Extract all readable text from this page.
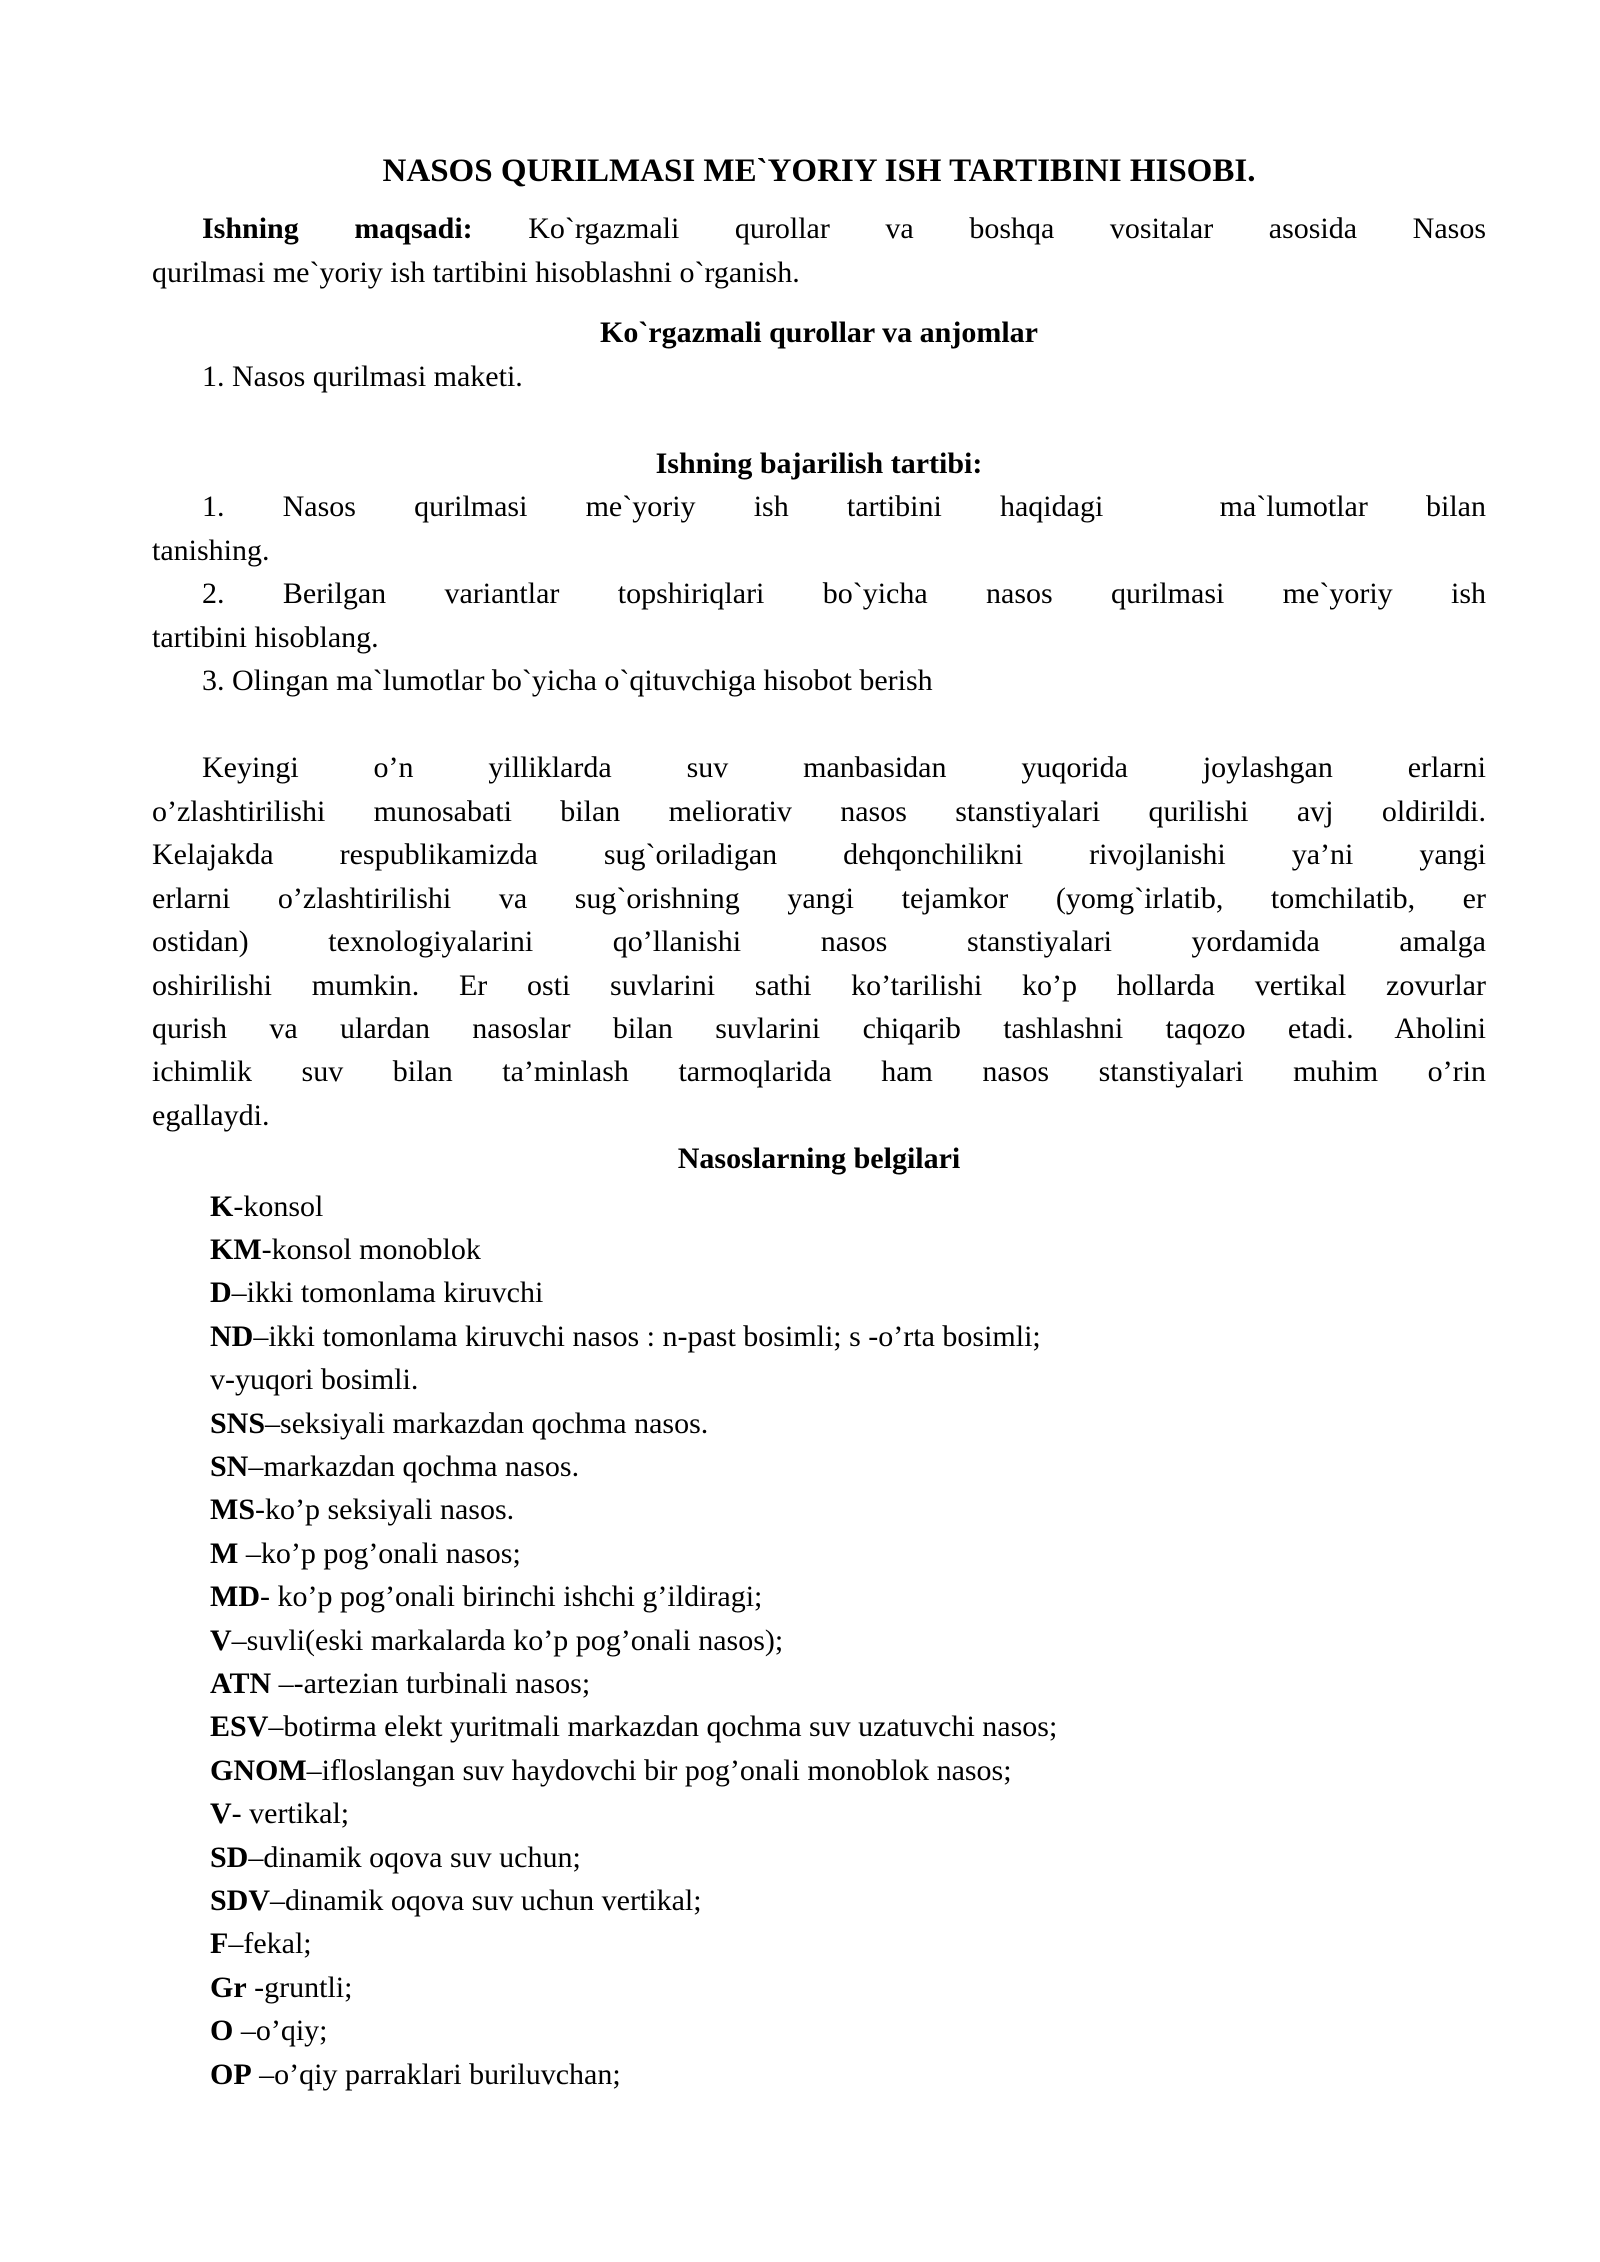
NASOS QURILMASI ME`YORIY ISH TARTIBINI HISOBI.
Ishning maqsadi: Ko`rgazmali qurollar va boshqa vositalar asosida Nasos
qurilmasi me`yoriy ish tartibini hisoblashni o`rganish.
Ko`rgazmali qurollar va anjomlar
1. Nasos qurilmasi maketi.
Ishning bajarilish tartibi:
1. Nasos qurilmasi me`yoriy ish tartibini haqidagi  ma`lumotlar bilan
tanishing.
2. Berilgan variantlar topshiriqlari bo`yicha nasos qurilmasi me`yoriy ish
tartibini hisoblang.
3. Olingan ma`lumotlar bo`yicha o`qituvchiga hisobot berish
Keyingi o’n yilliklarda suv manbasidan yuqorida joylashgan erlarni
o’zlashtirilishi munosabati bilan meliorativ nasos stanstiyalari qurilishi avj oldirildi.
Kelajakda respublikamizda sug`oriladigan dehqonchilikni rivojlanishi ya’ni yangi
erlarni o’zlashtirilishi va sug`orishning yangi tejamkor (yomg`irlatib, tomchilatib, er
ostidan) texnologiyalarini qo’llanishi nasos stanstiyalari yordamida amalga
oshirilishi mumkin. Er osti suvlarini sathi ko’tarilishi ko’p hollarda vertikal zovurlar
qurish va ulardan nasoslar bilan suvlarini chiqarib tashlashni taqozo etadi. Aholini
ichimlik suv bilan ta’minlash tarmoqlarida ham nasos stanstiyalari muhim o’rin
egallaydi.
Nasoslarning belgilari
K-konsol
KM-konsol monoblok
D–ikki tomonlama kiruvchi
ND–ikki tomonlama kiruvchi nasos : n-past bosimli; s -o’rta bosimli;
v-yuqori bosimli.
SNS–seksiyali markazdan qochma nasos.
SN–markazdan qochma nasos.
MS-ko’p seksiyali nasos.
M –ko’p pog’onali nasos;
MD- ko’p pog’onali birinchi ishchi g’ildiragi;
V–suvli(eski markalarda ko’p pog’onali nasos);
ATN –-artezian turbinali nasos;
ESV–botirma elekt yuritmali markazdan qochma suv uzatuvchi nasos;
GNOM–ifloslangan suv haydovchi bir pog’onali monoblok nasos;
V- vertikal;
SD–dinamik oqova suv uchun;
SDV–dinamik oqova suv uchun vertikal;
F–fekal;
Gr -gruntli;
O –o’qiy;
OP –o’qiy parraklari buriluvchan;
